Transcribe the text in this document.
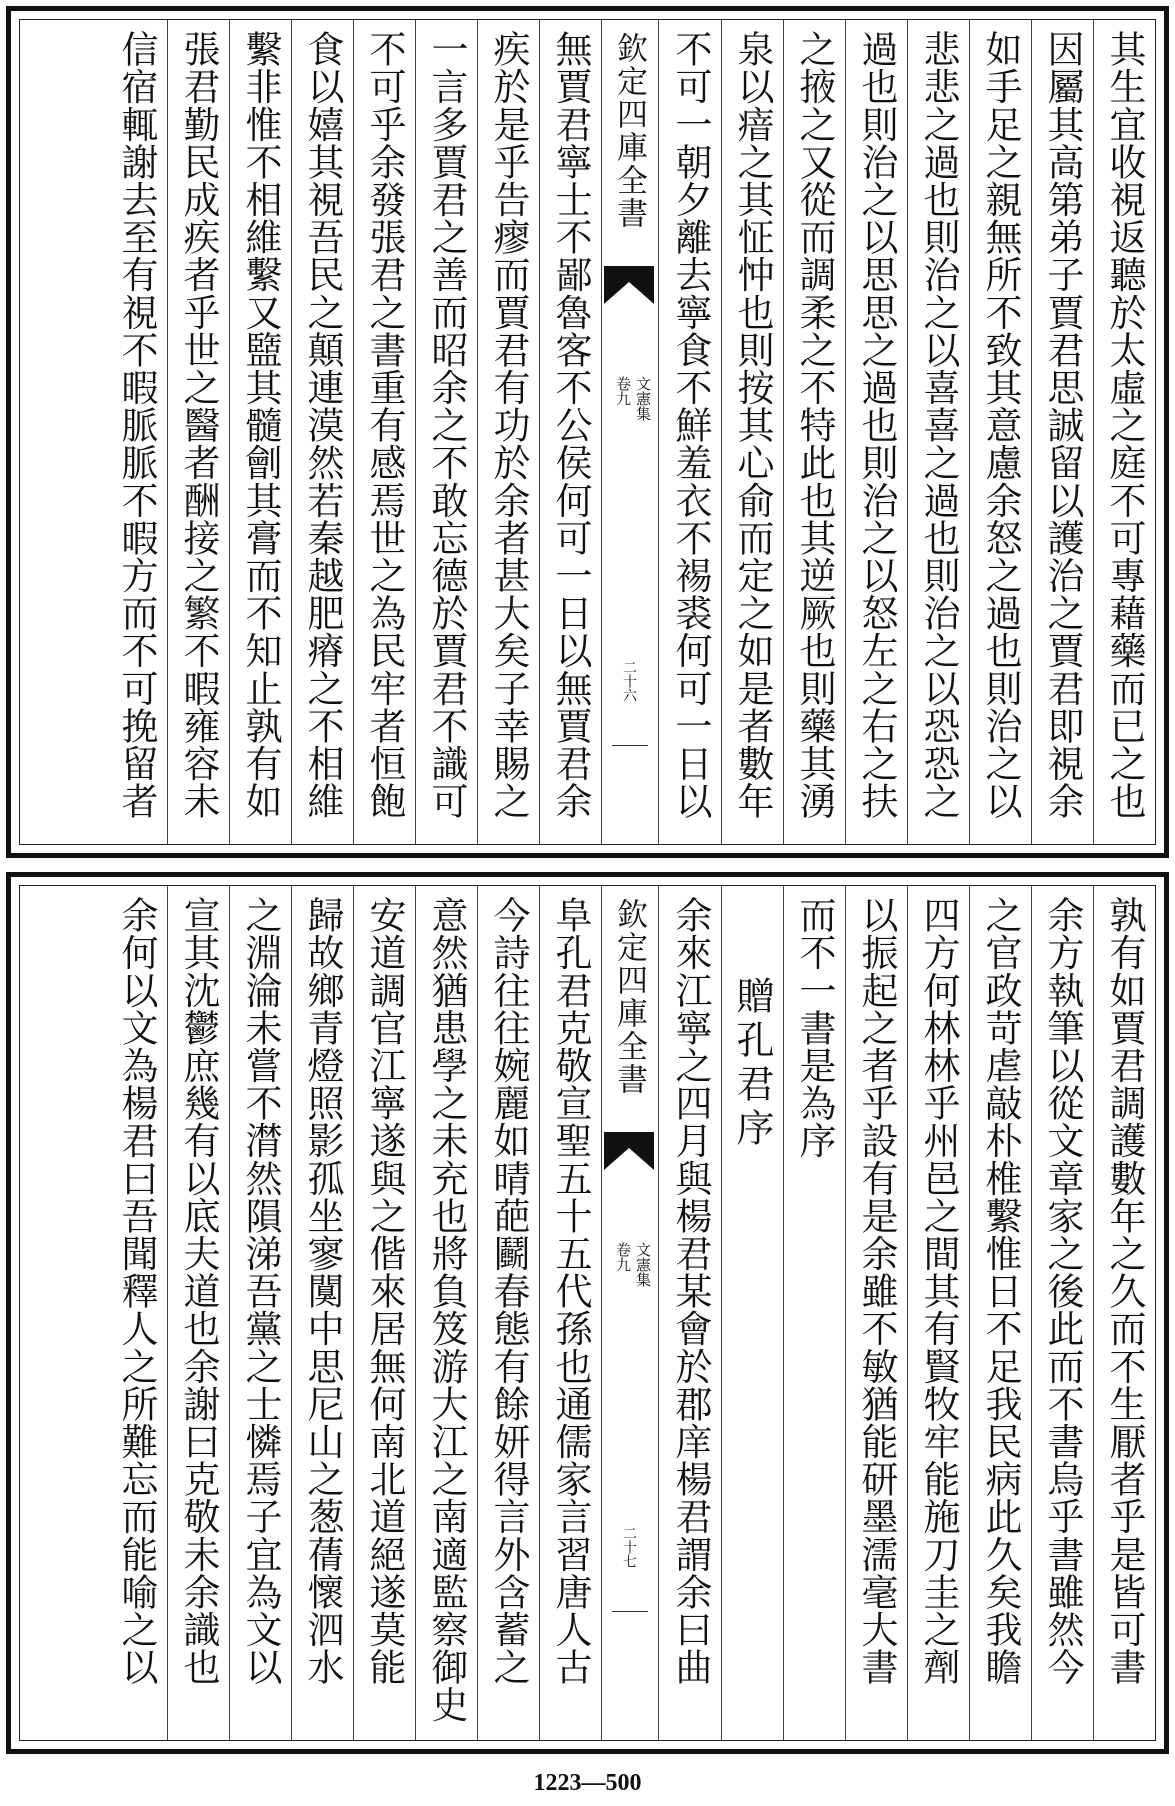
其生宜收視返聽於太虛之庭不可專藉藥而已之也
因屬其高第弟子賈君思誠留以護治之賈君即視余
如手足之親無所不致其意慮余怒之過也則治之以
悲悲之過也則治之以喜喜之過也則治之以恐恐之
過也則治之以思思之過也則治之以怒左之右之扶
之掖之又從而調柔之不特此也其逆厥也則藥其湧
泉以瘖之其怔忡也則按其心俞而定之如是者數年
不可一朝夕離去寧食不鮮羞衣不裼裘何可一日以
欽定四庫全書
卷九 文憲集
二十六
無賈君寧士不鄙魯客不公侯何可一日以無賈君余
疾於是乎告瘳而賈君有功於余者甚大矣子幸賜之
一言多賈君之善而昭余之不敢忘德於賈君不識可
不可乎余發張君之書重有感焉世之為民牢者恒飽
食以嬉其視吾民之顛連漠然若秦越肥瘠之不相維
繫非惟不相維繫又盬其髓劊其膏而不知止孰有如
張君勤民成疾者乎世之醫者酬接之繁不暇雍容未
信宿輒謝去至有視不暇脈脈不暇方而不可挽留者
孰有如賈君調護數年之久而不生厭者乎是皆可書
余方執筆以從文章家之後此而不書烏乎書雖然今
之官政苛虐敲朴椎繫惟日不足我民病此久矣我瞻
四方何林林乎州邑之間其有賢牧牢能施刀圭之劑
以振起之者乎設有是余雖不敏猶能研墨濡毫大書
而不一書是為序
贈孔君序
余來江寧之四月與楊君某會於郡庠楊君謂余曰曲
欽定四庫全書
卷九 文憲集
二十七
阜孔君克敬宣聖五十五代孫也通儒家言習唐人古
今詩往往婉麗如晴葩鬬春態有餘妍得言外含蓄之
意然猶患學之未充也將負笈游大江之南適監察御史
安道調官江寧遂與之偕來居無何南北道絕遂莫能
歸故鄉青燈照影孤坐寥闃中思尼山之葱蒨懷泗水
之淵淪未嘗不潸然隕涕吾黨之士憐焉子宜為文以
宣其沈鬱庶幾有以底夫道也余謝曰克敬未余識也
余何以文為楊君曰吾聞釋人之所難忘而能喻之以
1223—500
